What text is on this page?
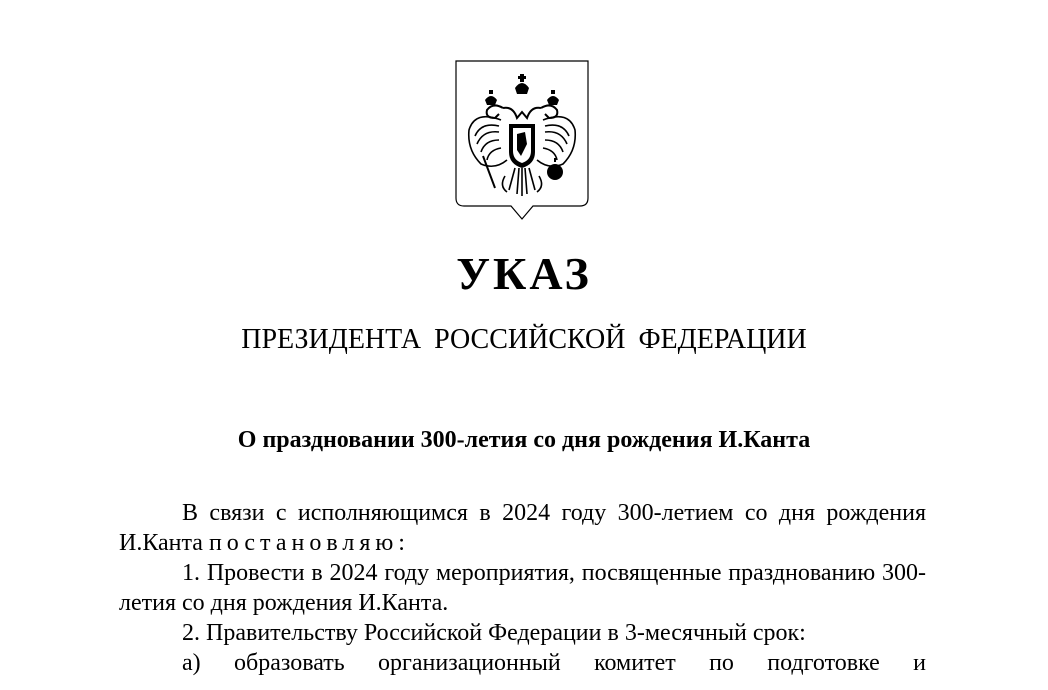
УКАЗ
ПРЕЗИДЕНТА РОССИЙСКОЙ ФЕДЕРАЦИИ
О праздновании 300-летия со дня рождения И.Канта

В связи с исполняющимся в 2024 году 300-летием со дня рождения И.Канта постановляю:

1. Провести в 2024 году мероприятия, посвященные празднованию 300-летия со дня рождения И.Канта.

2. Правительству Российской Федерации в 3-месячный срок:

а) образовать организационный комитет по подготовке и
